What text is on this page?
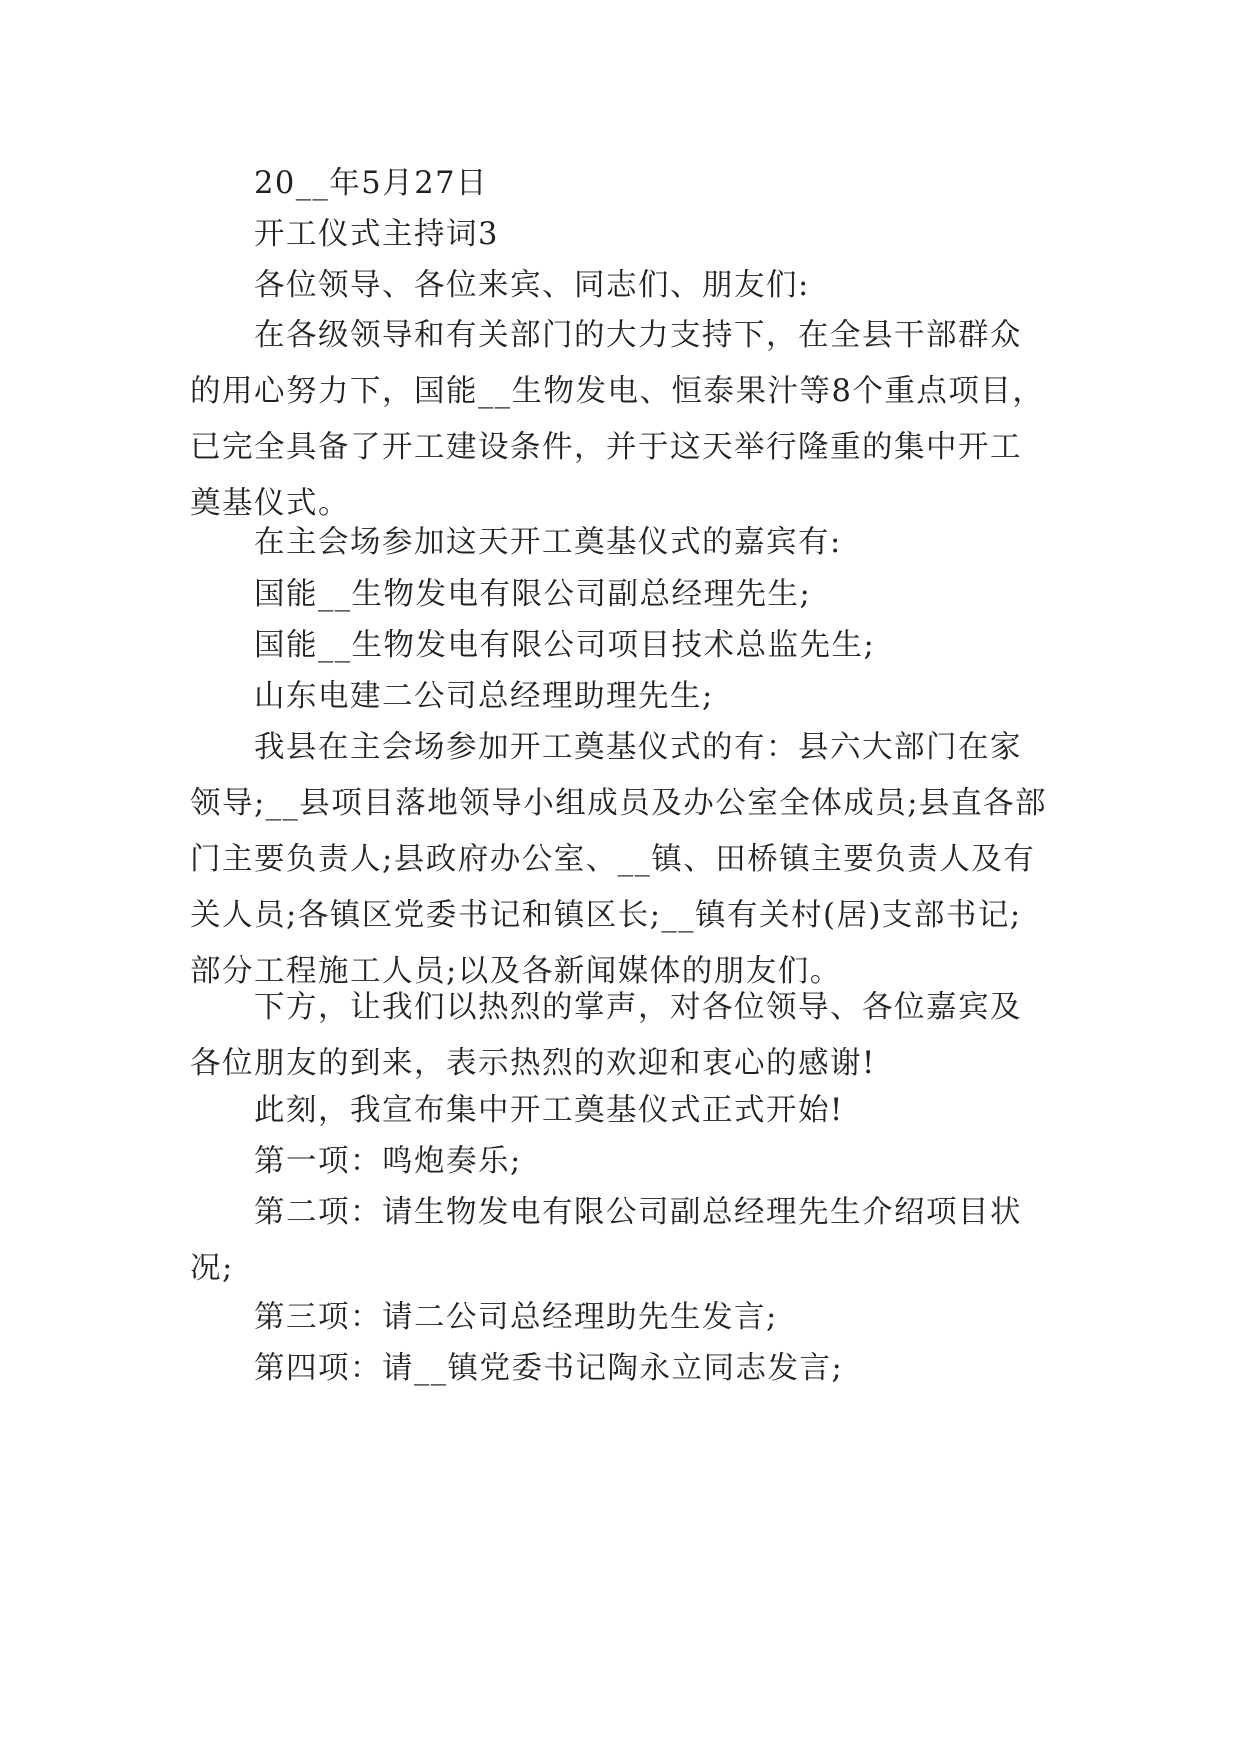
20__年5月27日

开工仪式主持词3

各位领导、各位来宾、同志们、朋友们:

在各级领导和有关部门的大力支持下，在全县干部群众的用心努力下，国能__生物发电、恒泰果汁等8个重点项目，已完全具备了开工建设条件，并于这天举行隆重的集中开工奠基仪式。

在主会场参加这天开工奠基仪式的嘉宾有:

国能__生物发电有限公司副总经理先生;

国能__生物发电有限公司项目技术总监先生;

山东电建二公司总经理助理先生;

我县在主会场参加开工奠基仪式的有：县六大部门在家领导;__县项目落地领导小组成员及办公室全体成员;县直各部门主要负责人;县政府办公室、__镇、田桥镇主要负责人及有关人员;各镇区党委书记和镇区长;__镇有关村(居)支部书记;部分工程施工人员;以及各新闻媒体的朋友们。

下方，让我们以热烈的掌声，对各位领导、各位嘉宾及各位朋友的到来，表示热烈的欢迎和衷心的感谢!

此刻，我宣布集中开工奠基仪式正式开始!

第一项：鸣炮奏乐;

第二项：请生物发电有限公司副总经理先生介绍项目状况;

第三项：请二公司总经理助先生发言;

第四项：请__镇党委书记陶永立同志发言;
